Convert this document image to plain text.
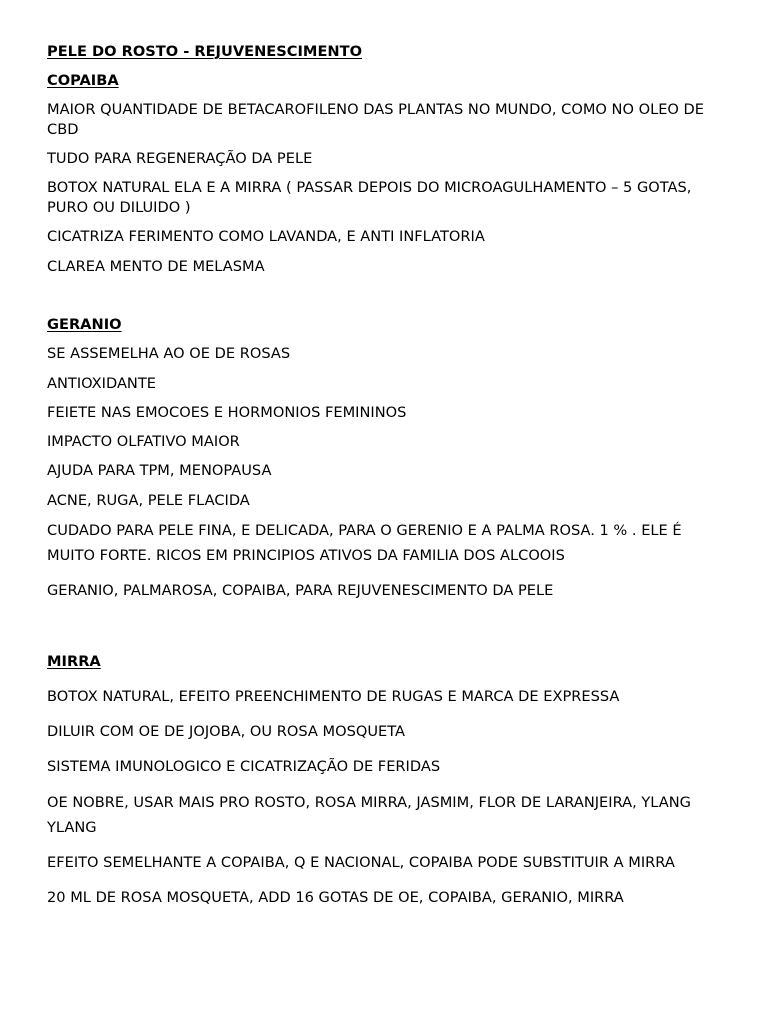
PELE DO ROSTO - REJUVENESCIMENTO

COPAIBA

MAIOR QUANTIDADE DE BETACAROFILENO DAS PLANTAS NO MUNDO, COMO NO OLEO DE CBD

TUDO PARA REGENERAÇÃO DA PELE

BOTOX NATURAL ELA E A MIRRA ( PASSAR DEPOIS DO MICROAGULHAMENTO – 5 GOTAS, PURO OU DILUIDO )

CICATRIZA FERIMENTO COMO LAVANDA, E ANTI INFLATORIA

CLAREA MENTO DE MELASMA

GERANIO

SE ASSEMELHA AO OE DE ROSAS

ANTIOXIDANTE

FEIETE NAS EMOCOES E HORMONIOS FEMININOS

IMPACTO OLFATIVO MAIOR

AJUDA PARA TPM, MENOPAUSA

ACNE, RUGA, PELE FLACIDA

CUDADO PARA PELE FINA, E DELICADA, PARA O GERENIO E A PALMA ROSA. 1 % . ELE É MUITO FORTE. RICOS EM PRINCIPIOS ATIVOS DA FAMILIA DOS ALCOOIS

GERANIO, PALMAROSA, COPAIBA, PARA REJUVENESCIMENTO DA PELE

MIRRA

BOTOX NATURAL, EFEITO PREENCHIMENTO DE RUGAS E MARCA DE EXPRESSA

DILUIR COM OE DE JOJOBA, OU ROSA MOSQUETA

SISTEMA IMUNOLOGICO E CICATRIZAÇÃO DE FERIDAS

OE NOBRE, USAR MAIS PRO ROSTO, ROSA MIRRA, JASMIM, FLOR DE LARANJEIRA, YLANG YLANG

EFEITO SEMELHANTE A COPAIBA, Q E NACIONAL, COPAIBA PODE SUBSTITUIR A MIRRA

20 ML DE ROSA MOSQUETA, ADD 16 GOTAS DE OE, COPAIBA, GERANIO, MIRRA
